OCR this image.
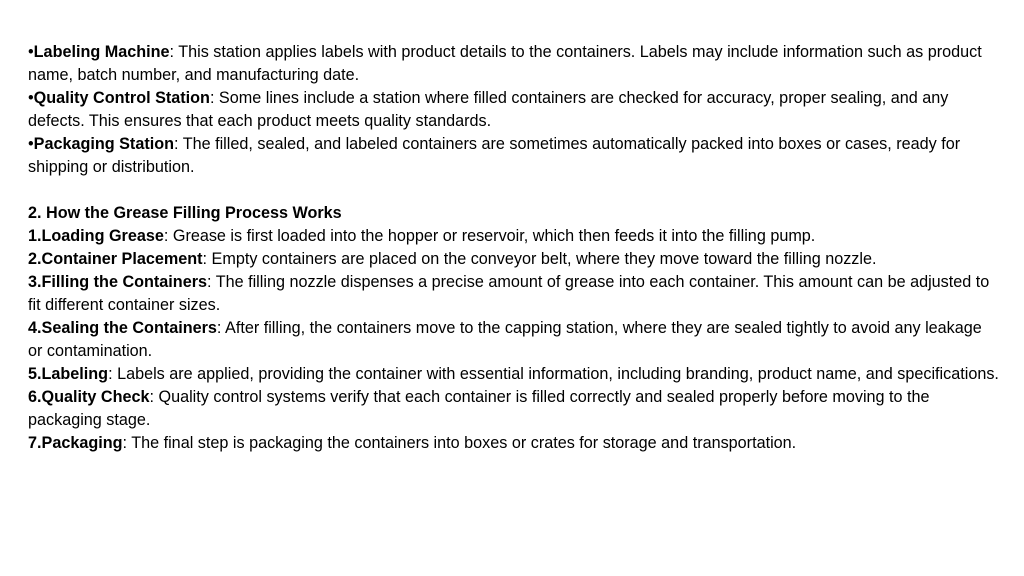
•Labeling Machine: This station applies labels with product details to the containers. Labels may include information such as product name, batch number, and manufacturing date.

•Quality Control Station: Some lines include a station where filled containers are checked for accuracy, proper sealing, and any defects. This ensures that each product meets quality standards.

•Packaging Station: The filled, sealed, and labeled containers are sometimes automatically packed into boxes or cases, ready for shipping or distribution.

2. How the Grease Filling Process Works

1.Loading Grease: Grease is first loaded into the hopper or reservoir, which then feeds it into the filling pump.

2.Container Placement: Empty containers are placed on the conveyor belt, where they move toward the filling nozzle.

3.Filling the Containers: The filling nozzle dispenses a precise amount of grease into each container. This amount can be adjusted to fit different container sizes.

4.Sealing the Containers: After filling, the containers move to the capping station, where they are sealed tightly to avoid any leakage or contamination.

5.Labeling: Labels are applied, providing the container with essential information, including branding, product name, and specifications.

6.Quality Check: Quality control systems verify that each container is filled correctly and sealed properly before moving to the packaging stage.

7.Packaging: The final step is packaging the containers into boxes or crates for storage and transportation.
